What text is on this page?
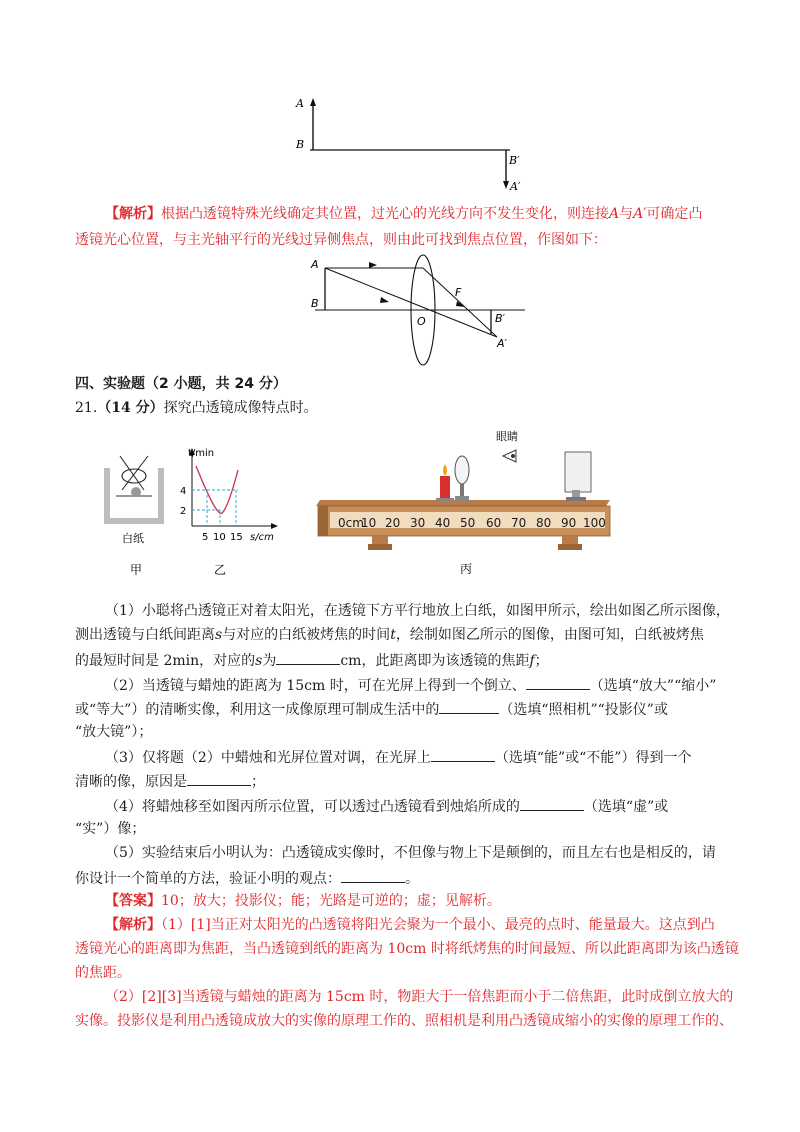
A
B
B′
A′
【解析】根据凸透镜特殊光线确定其位置，过光心的光线方向不发生变化，则连接A与A′可确定凸
透镜光心位置，与主光轴平行的光线过异侧焦点，则由此可找到焦点位置，作图如下：
A
B
F
O	B′
A′
四、实验题（2 小题，共 24 分）
21.（14 分）探究凸透镜成像特点时。
白纸
甲
t/min
4
2
5 10 15 s/cm
乙
眼睛
丙
0cm
10 20 30 40 50 60 70 80 90 100
（1）小聪将凸透镜正对着太阳光，在透镜下方平行地放上白纸，如图甲所示，绘出如图乙所示图像，
测出透镜与白纸间距离s与对应的白纸被烤焦的时间t，绘制如图乙所示的图像，由图可知，白纸被烤焦
的最短时间是 2min，对应的s为	cm，此距离即为该透镜的焦距f；
（2）当透镜与蜡烛的距离为 15cm 时，可在光屏上得到一个倒立、	（选填“放大”“缩小”
或“等大”）的清晰实像，利用这一成像原理可制成生活中的	（选填“照相机”“投影仪”或
“放大镜”）；
（3）仅将题（2）中蜡烛和光屏位置对调，在光屏上	（选填“能”或“不能”）得到一个
清晰的像，原因是	；
（4）将蜡烛移至如图丙所示位置，可以透过凸透镜看到烛焰所成的	（选填“虚”或
“实”）像；
（5）实验结束后小明认为：凸透镜成实像时，不但像与物上下是颠倒的，而且左右也是相反的，请
你设计一个简单的方法，验证小明的观点：	。
【答案】10；放大；投影仪；能；光路是可逆的；虚；见解析。
【解析】（1）[1]当正对太阳光的凸透镜将阳光会聚为一个最小、最亮的点时、能量最大。这点到凸
透镜光心的距离即为焦距，当凸透镜到纸的距离为 10cm 时将纸烤焦的时间最短、所以此距离即为该凸透镜
的焦距。
（2）[2][3]当透镜与蜡烛的距离为 15cm 时，物距大于一倍焦距而小于二倍焦距，此时成倒立放大的
实像。投影仪是利用凸透镜成放大的实像的原理工作的、照相机是利用凸透镜成缩小的实像的原理工作的、
